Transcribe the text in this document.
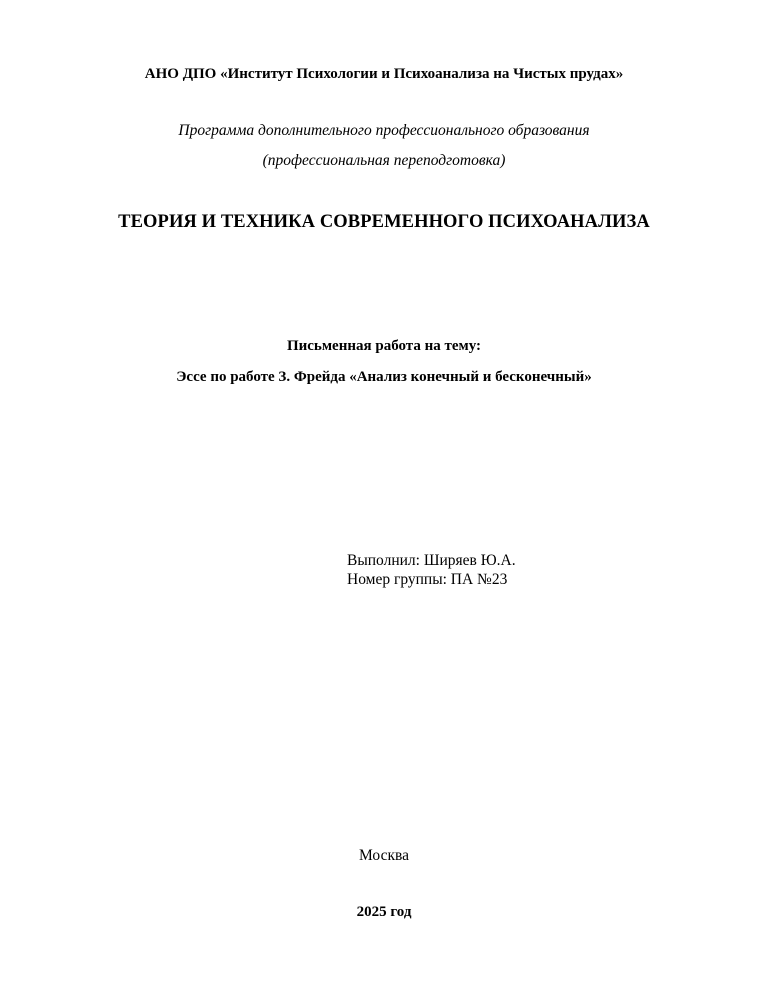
АНО ДПО «Институт Психологии и Психоанализа на Чистых прудах»
Программа дополнительного профессионального образования
(профессиональная переподготовка)
ТЕОРИЯ И ТЕХНИКА СОВРЕМЕННОГО ПСИХОАНАЛИЗА
Письменная работа на тему:
Эссе по работе З. Фрейда «Анализ конечный и бесконечный»
Выполнил: Ширяев Ю.А.
Номер группы: ПА №23
Москва
2025 год
